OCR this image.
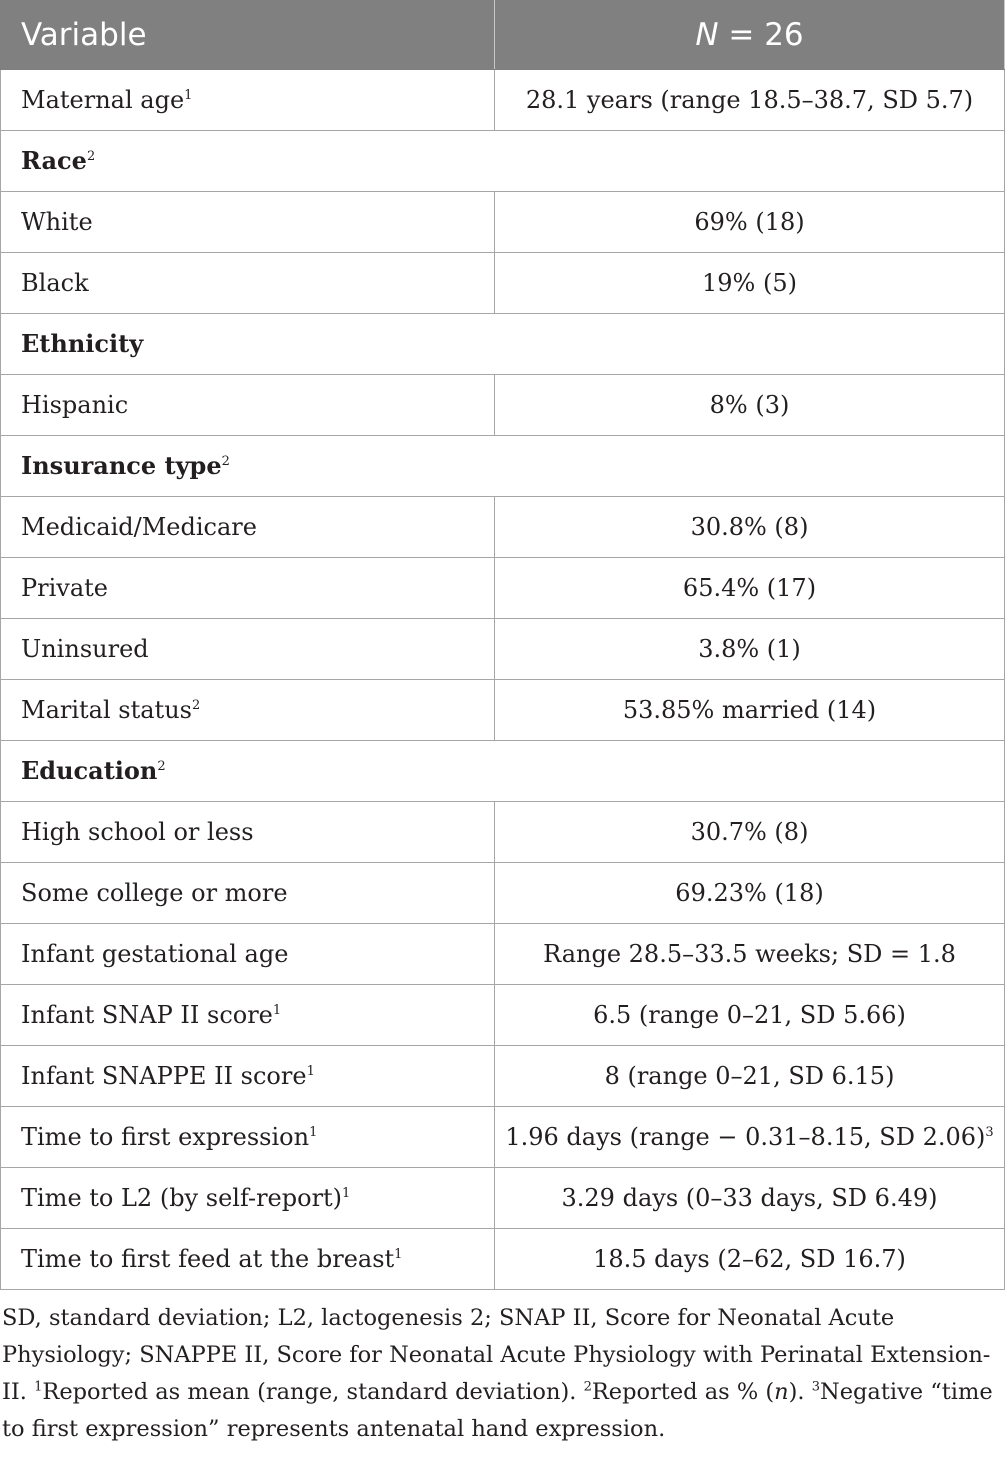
Variable	N = 26
Maternal age$^1$	28.1 years (range 18.5–38.7, SD 5.7)
Race$^2$
White	69% (18)
Black	19% (5)
Ethnicity	
Hispanic	8% (3)
Insurance type$^2$
Medicaid/Medicare	30.8% (8)
Private	65.4% (17)
Uninsured	3.8% (1)
Marital status$^2$	53.85% married (14)
Education$^2$
High school or less	30.7% (8)
Some college or more	69.23% (18)
Infant gestational age	Range 28.5–33.5 weeks; SD = 1.8
Infant SNAP II score$^1$	6.5 (range 0–21, SD 5.66)
Infant SNAPPE II score$^1$	8 (range 0–21, SD 6.15)
Time to first expression$^1$	1.96 days (range − 0.31–8.15, SD 2.06)$^3$
Time to L2 (by self-report)$^1$	3.29 days (0–33 days, SD 6.49)
Time to first feed at the breast$^1$	18.5 days (2–62, SD 16.7)

SD, standard deviation; L2, lactogenesis 2; SNAP II, Score for Neonatal Acute Physiology; SNAPPE II, Score for Neonatal Acute Physiology with Perinatal Extension-II. $^1$Reported as mean (range, standard deviation). $^2$Reported as % (n). $^3$Negative “time to first expression” represents antenatal hand expression.
